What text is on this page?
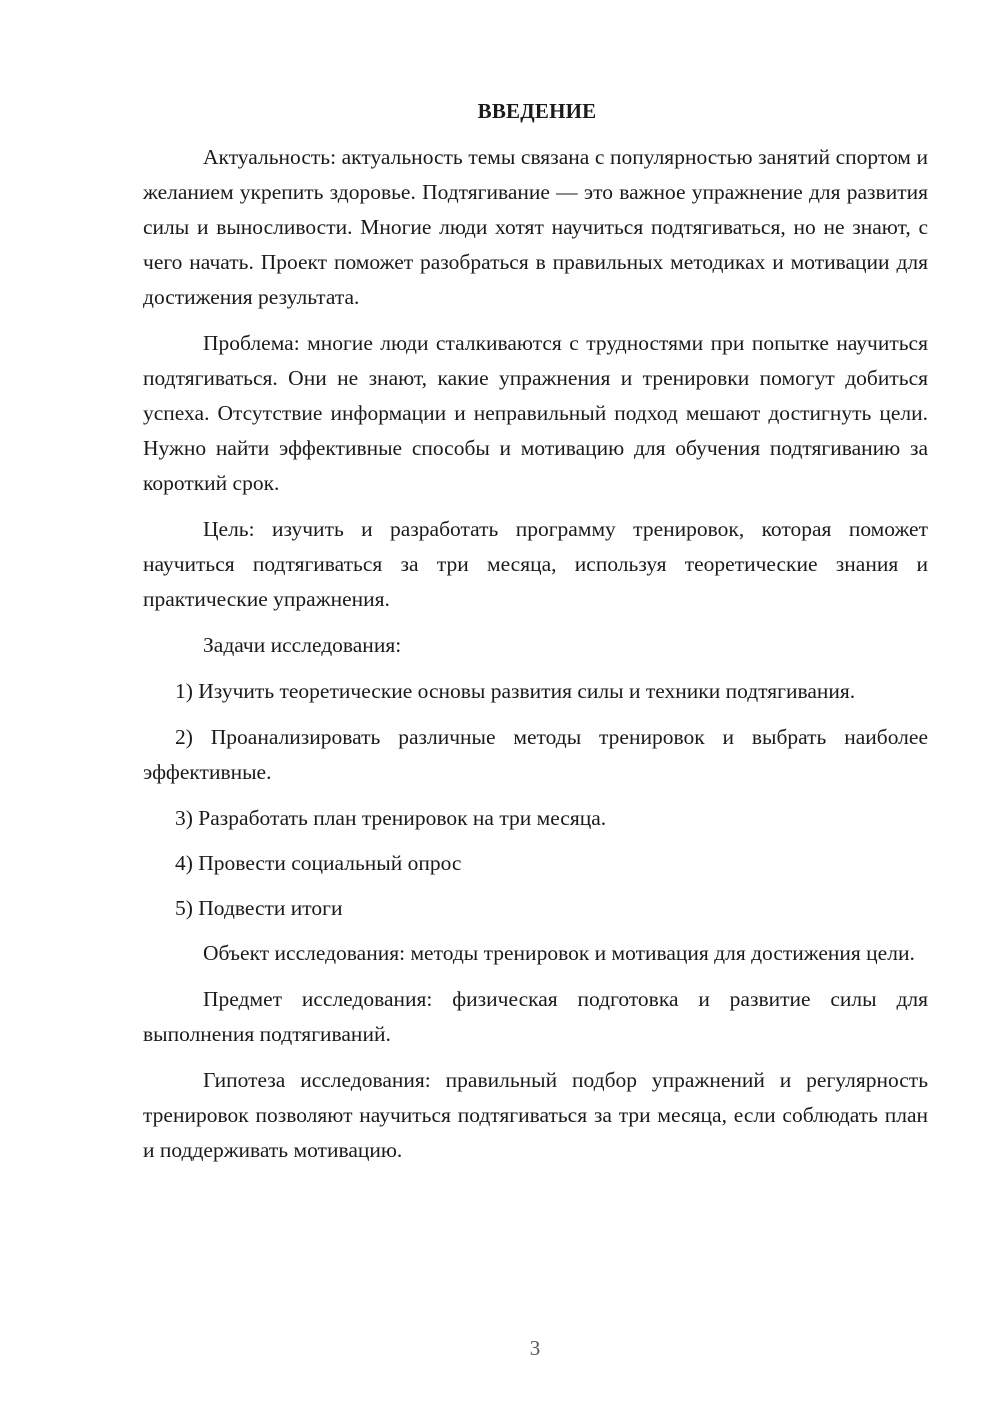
ВВЕДЕНИЕ

Актуальность: актуальность темы связана с популярностью занятий спортом и желанием укрепить здоровье. Подтягивание — это важное упражнение для развития силы и выносливости. Многие люди хотят научиться подтягиваться, но не знают, с чего начать. Проект поможет разобраться в правильных методиках и мотивации для достижения результата.

Проблема: многие люди сталкиваются с трудностями при попытке научиться подтягиваться. Они не знают, какие упражнения и тренировки помогут добиться успеха. Отсутствие информации и неправильный подход мешают достигнуть цели. Нужно найти эффективные способы и мотивацию для обучения подтягиванию за короткий срок.

Цель: изучить и разработать программу тренировок, которая поможет научиться подтягиваться за три месяца, используя теоретические знания и практические упражнения.

Задачи исследования:

1) Изучить теоретические основы развития силы и техники подтягивания.

2) Проанализировать различные методы тренировок и выбрать наиболее эффективные.

3) Разработать план тренировок на три месяца.

4) Провести социальный опрос

5) Подвести итоги

Объект исследования: методы тренировок и мотивация для достижения цели.

Предмет исследования: физическая подготовка и развитие силы для выполнения подтягиваний.

Гипотеза исследования: правильный подбор упражнений и регулярность тренировок позволяют научиться подтягиваться за три месяца, если соблюдать план и поддерживать мотивацию.

3
